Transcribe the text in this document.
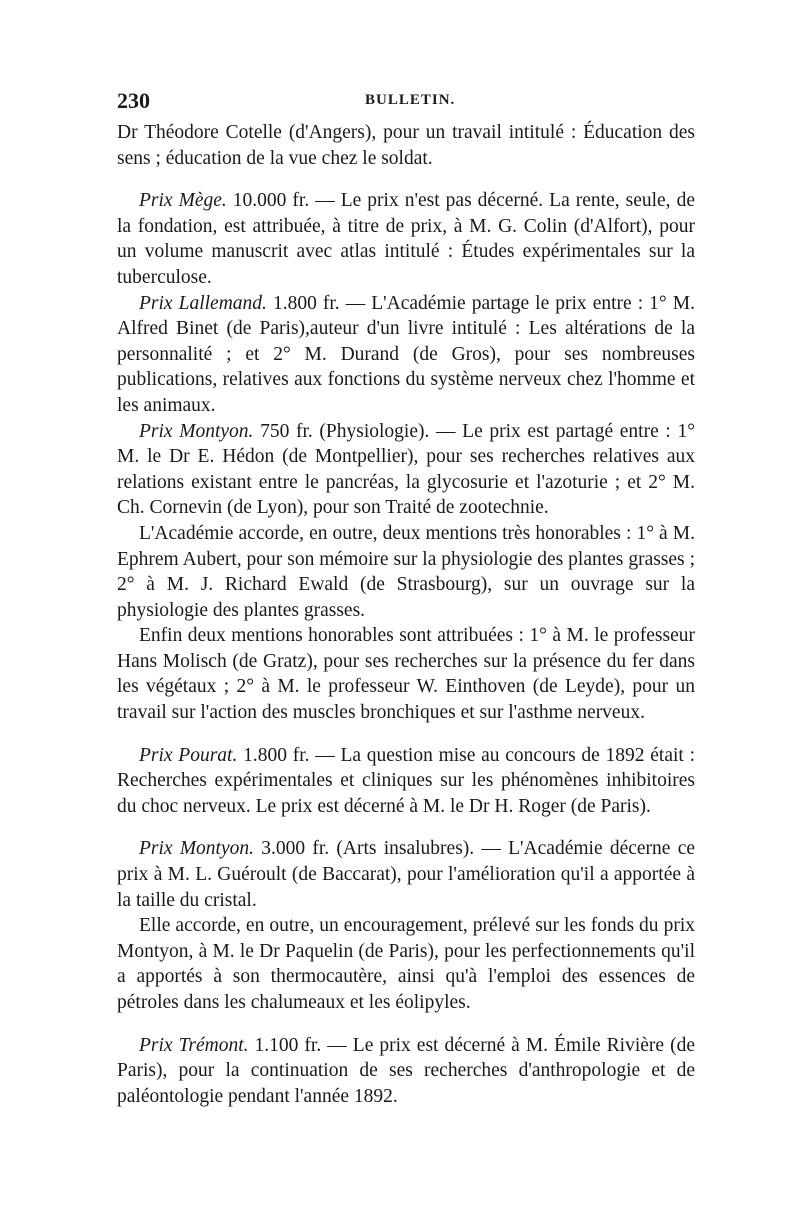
230	BULLETIN.

Dr Théodore Cotelle (d'Angers), pour un travail intitulé : Éducation des sens ; éducation de la vue chez le soldat.

Prix Mège. 10.000 fr. — Le prix n'est pas décerné. La rente, seule, de la fondation, est attribuée, à titre de prix, à M. G. Colin (d'Alfort), pour un volume manuscrit avec atlas intitulé : Études expérimentales sur la tuberculose.

Prix Lallemand. 1.800 fr. — L'Académie partage le prix entre : 1° M. Alfred Binet (de Paris),auteur d'un livre intitulé : Les altérations de la personnalité ; et 2° M. Durand (de Gros), pour ses nombreuses publications, relatives aux fonctions du système nerveux chez l'homme et les animaux.

Prix Montyon. 750 fr. (Physiologie). — Le prix est partagé entre : 1° M. le Dr E. Hédon (de Montpellier), pour ses recherches relatives aux relations existant entre le pancréas, la glycosurie et l'azoturie ; et 2° M. Ch. Cornevin (de Lyon), pour son Traité de zootechnie.

L'Académie accorde, en outre, deux mentions très honorables : 1° à M. Ephrem Aubert, pour son mémoire sur la physiologie des plantes grasses ; 2° à M. J. Richard Ewald (de Strasbourg), sur un ouvrage sur la physiologie des plantes grasses.

Enfin deux mentions honorables sont attribuées : 1° à M. le professeur Hans Molisch (de Gratz), pour ses recherches sur la présence du fer dans les végétaux ; 2° à M. le professeur W. Einthoven (de Leyde), pour un travail sur l'action des muscles bronchiques et sur l'asthme nerveux.

Prix Pourat. 1.800 fr. — La question mise au concours de 1892 était : Recherches expérimentales et cliniques sur les phénomènes inhibitoires du choc nerveux. Le prix est décerné à M. le Dr H. Roger (de Paris).

Prix Montyon. 3.000 fr. (Arts insalubres). — L'Académie décerne ce prix à M. L. Guéroult (de Baccarat), pour l'amélioration qu'il a apportée à la taille du cristal.

Elle accorde, en outre, un encouragement, prélevé sur les fonds du prix Montyon, à M. le Dr Paquelin (de Paris), pour les perfectionnements qu'il a apportés à son thermocautère, ainsi qu'à l'emploi des essences de pétroles dans les chalumeaux et les éolipyles.

Prix Trémont. 1.100 fr. — Le prix est décerné à M. Émile Rivière (de Paris), pour la continuation de ses recherches d'anthropologie et de paléontologie pendant l'année 1892.
